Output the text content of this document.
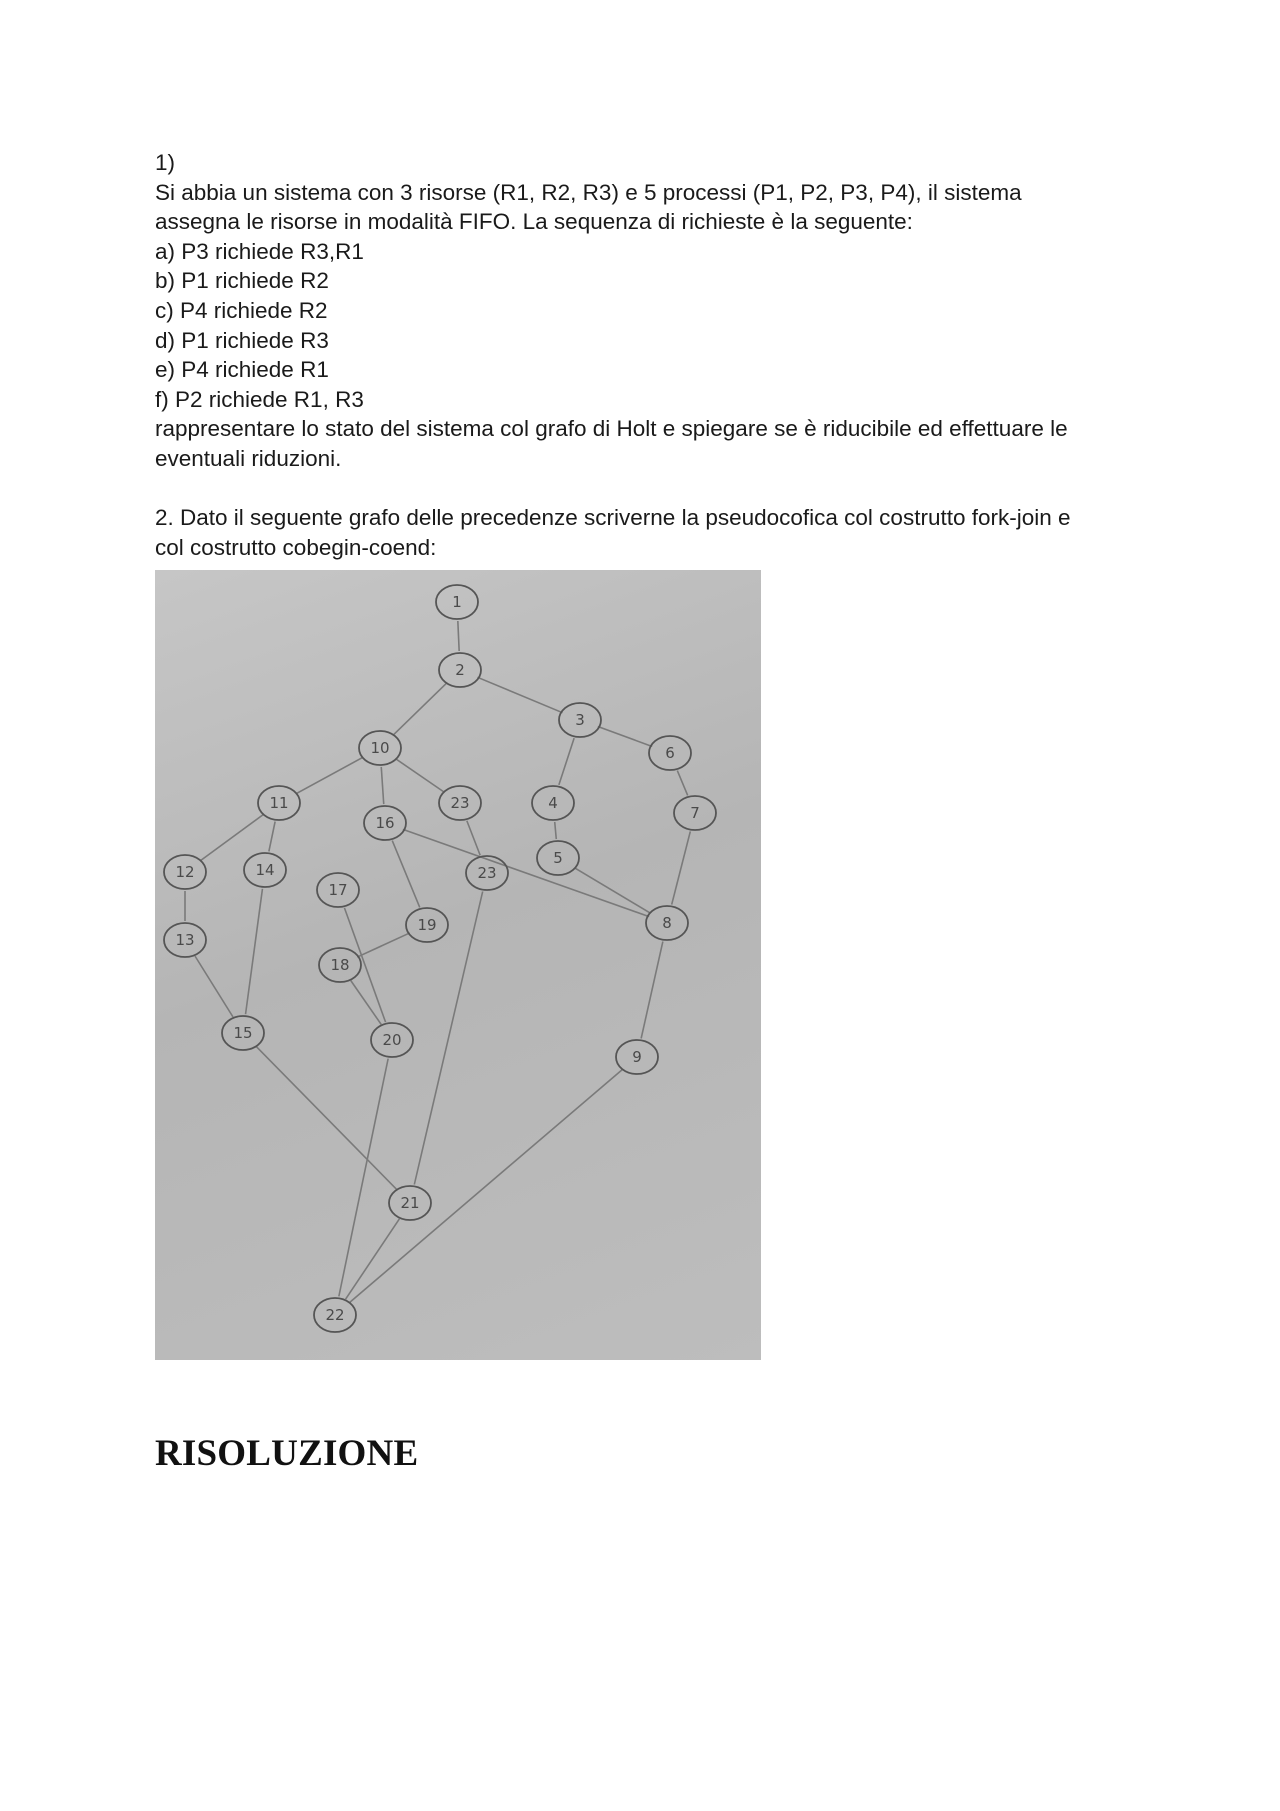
1)

Si abbia un sistema con 3 risorse (R1, R2, R3) e 5 processi (P1, P2, P3, P4), il sistema

assegna le risorse in modalità FIFO. La sequenza di richieste è la seguente:

a) P3 richiede R3,R1

b) P1 richiede R2

c) P4 richiede R2

d) P1 richiede R3

e) P4 richiede R1

f) P2 richiede R1, R3

rappresentare lo stato del sistema col grafo di Holt e spiegare se è riducibile ed effettuare le

eventuali riduzioni.

2. Dato il seguente grafo delle precedenze scriverne la pseudocofica col costrutto fork-join e

col costrutto cobegin-coend:

1
2
3
6
10
11
16
23	4
7
12	14
5
23
17
19	8
13
18
15	20
9
21
22
RISOLUZIONE
